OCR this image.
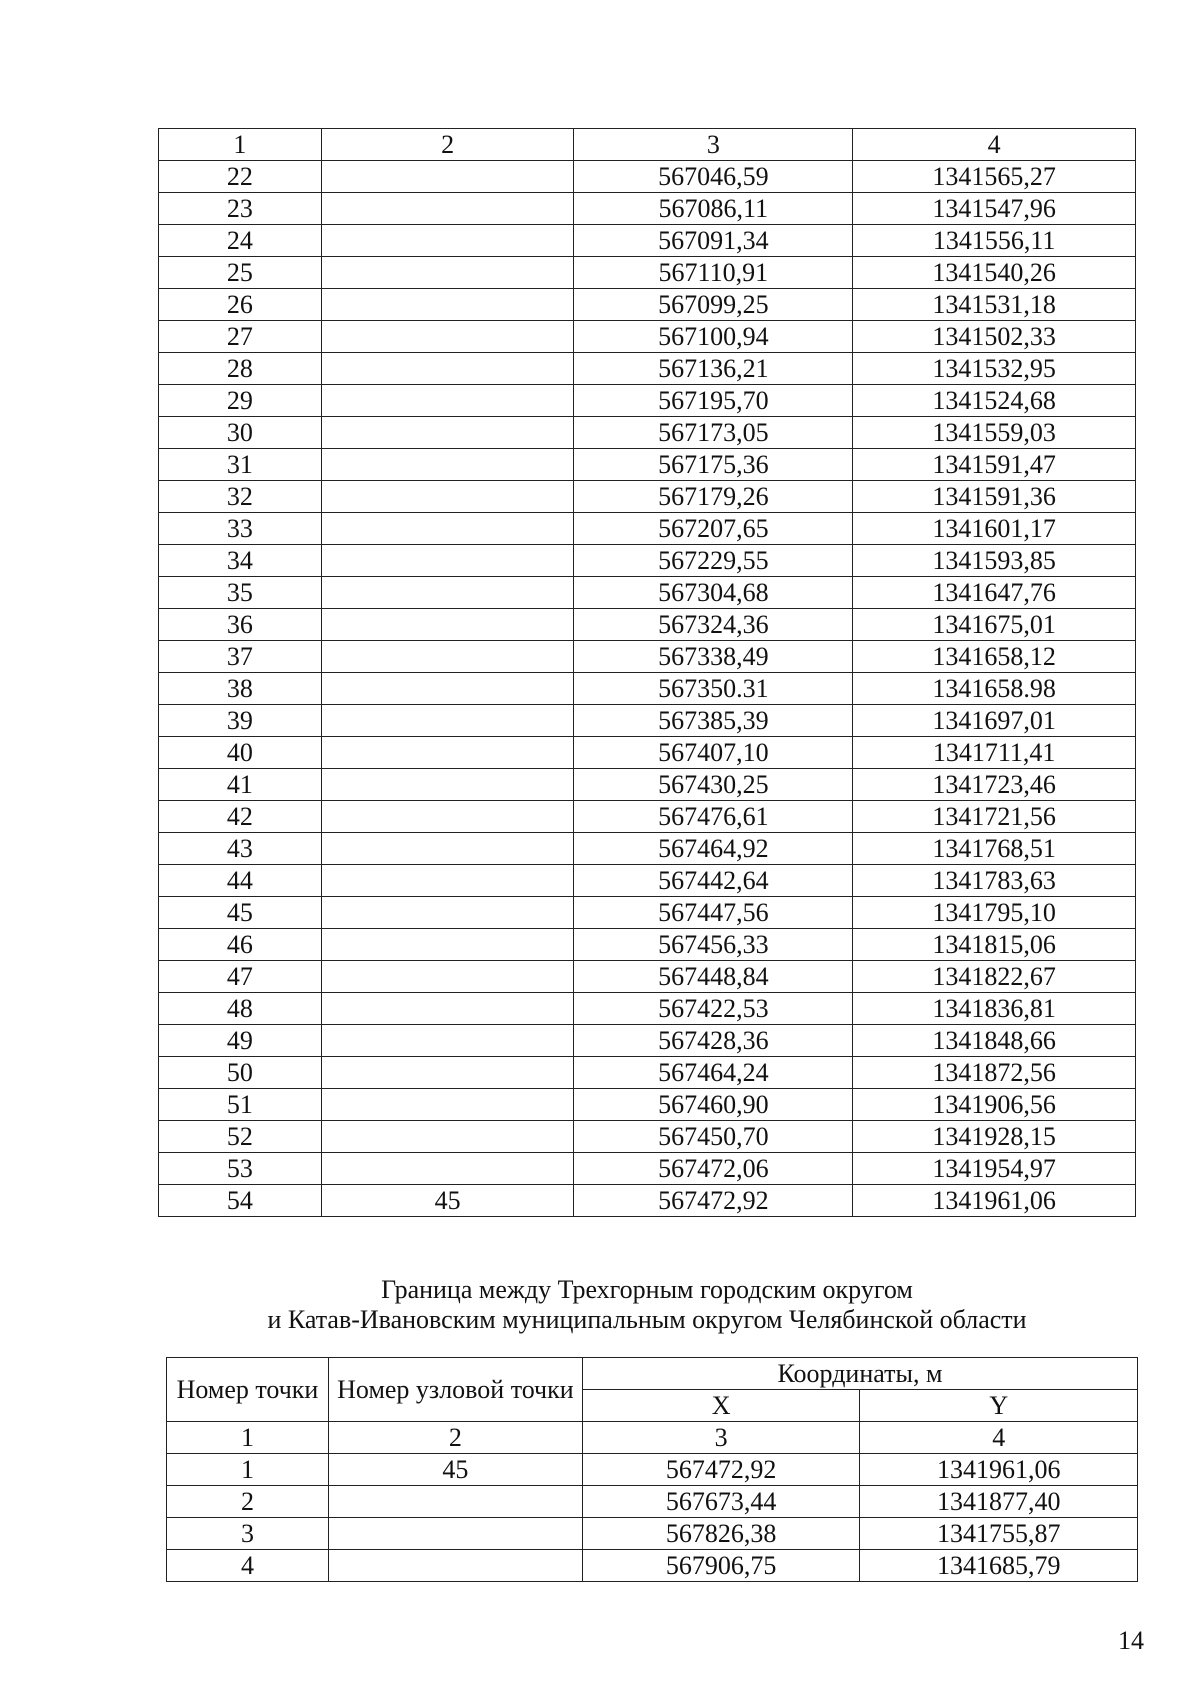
1	2	3	4
22		567046,59	1341565,27
23		567086,11	1341547,96
24		567091,34	1341556,11
25		567110,91	1341540,26
26		567099,25	1341531,18
27		567100,94	1341502,33
28		567136,21	1341532,95
29		567195,70	1341524,68
30		567173,05	1341559,03
31		567175,36	1341591,47
32		567179,26	1341591,36
33		567207,65	1341601,17
34		567229,55	1341593,85
35		567304,68	1341647,76
36		567324,36	1341675,01
37		567338,49	1341658,12
38		567350.31	1341658.98
39		567385,39	1341697,01
40		567407,10	1341711,41
41		567430,25	1341723,46
42		567476,61	1341721,56
43		567464,92	1341768,51
44		567442,64	1341783,63
45		567447,56	1341795,10
46		567456,33	1341815,06
47		567448,84	1341822,67
48		567422,53	1341836,81
49		567428,36	1341848,66
50		567464,24	1341872,56
51		567460,90	1341906,56
52		567450,70	1341928,15
53		567472,06	1341954,97
54	45	567472,92	1341961,06
Граница между Трехгорным городским округом
и Катав-Ивановским муниципальным округом Челябинской области
Номер точки	Номер узловой точки	Координаты, м	
		X	Y
1	2	3	4
1	45	567472,92	1341961,06
2		567673,44	1341877,40
3		567826,38	1341755,87
4		567906,75	1341685,79
14
